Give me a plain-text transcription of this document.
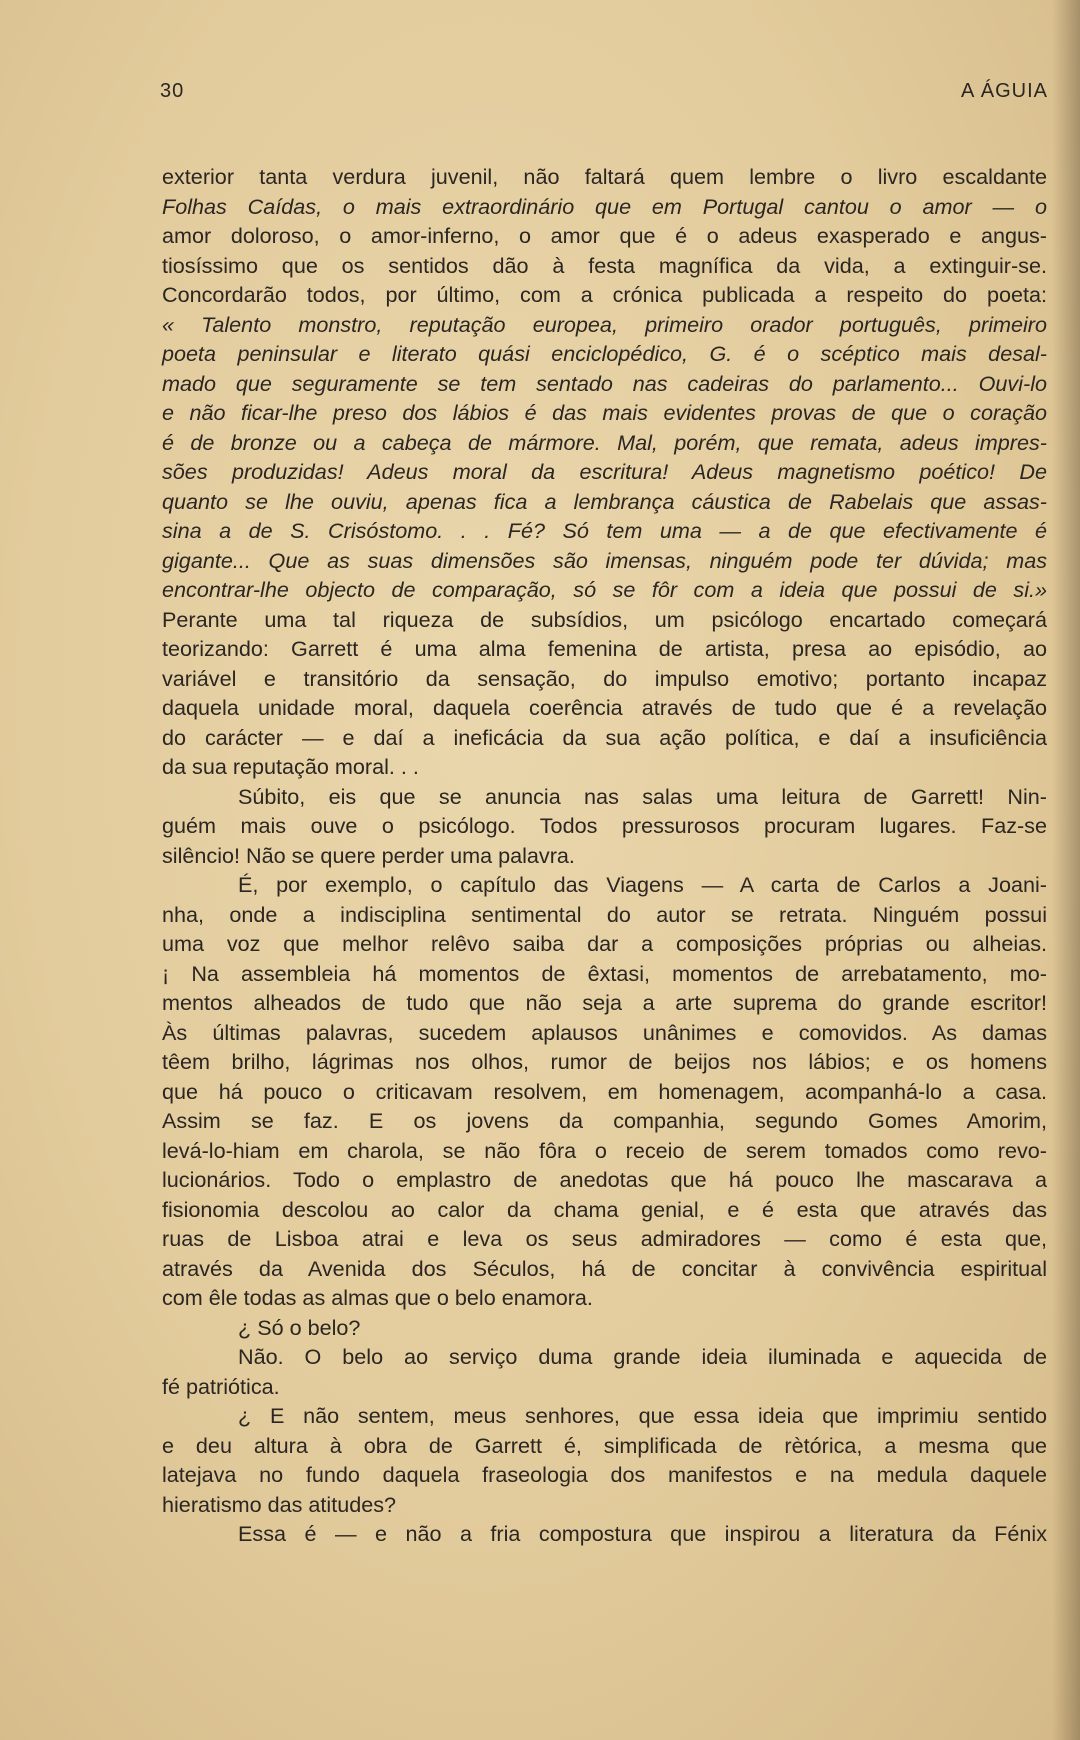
30	A ÁGUIA
exterior tanta verdura juvenil, não faltará quem lembre o livro escaldante
Folhas Caídas, o mais extraordinário que em Portugal cantou o amor — o
amor doloroso, o amor-inferno, o amor que é o adeus exasperado e angus-
tiosíssimo que os sentidos dão à festa magnífica da vida, a extinguir-se.
Concordarão todos, por último, com a crónica publicada a respeito do poeta:
« Talento monstro, reputação europea, primeiro orador português, primeiro
poeta peninsular e literato quási enciclopédico, G. é o scéptico mais desal-
mado que seguramente se tem sentado nas cadeiras do parlamento... Ouvi-lo
e não ficar-lhe preso dos lábios é das mais evidentes provas de que o coração
é de bronze ou a cabeça de mármore. Mal, porém, que remata, adeus impres-
sões produzidas! Adeus moral da escritura! Adeus magnetismo poético! De
quanto se lhe ouviu, apenas fica a lembrança cáustica de Rabelais que assas-
sina a de S. Crisóstomo. . . Fé? Só tem uma — a de que efectivamente é
gigante... Que as suas dimensões são imensas, ninguém pode ter dúvida; mas
encontrar-lhe objecto de comparação, só se fôr com a ideia que possui de si.»
Perante uma tal riqueza de subsídios, um psicólogo encartado começará
teorizando: Garrett é uma alma femenina de artista, presa ao episódio, ao
variável e transitório da sensação, do impulso emotivo; portanto incapaz
daquela unidade moral, daquela coerência através de tudo que é a revelação
do carácter — e daí a ineficácia da sua ação política, e daí a insuficiência
da sua reputação moral. . .
Súbito, eis que se anuncia nas salas uma leitura de Garrett! Nin-
guém mais ouve o psicólogo. Todos pressurosos procuram lugares. Faz-se
silêncio! Não se quere perder uma palavra.
É, por exemplo, o capítulo das Viagens — A carta de Carlos a Joani-
nha, onde a indisciplina sentimental do autor se retrata. Ninguém possui
uma voz que melhor relêvo saiba dar a composições próprias ou alheias.
¡ Na assembleia há momentos de êxtasi, momentos de arrebatamento, mo-
mentos alheados de tudo que não seja a arte suprema do grande escritor!
Às últimas palavras, sucedem aplausos unânimes e comovidos. As damas
têem brilho, lágrimas nos olhos, rumor de beijos nos lábios; e os homens
que há pouco o criticavam resolvem, em homenagem, acompanhá-lo a casa.
Assim se faz. E os jovens da companhia, segundo Gomes Amorim,
levá-lo-hiam em charola, se não fôra o receio de serem tomados como revo-
lucionários. Todo o emplastro de anedotas que há pouco lhe mascarava a
fisionomia descolou ao calor da chama genial, e é esta que através das
ruas de Lisboa atrai e leva os seus admiradores — como é esta que,
através da Avenida dos Séculos, há de concitar à convivência espiritual
com êle todas as almas que o belo enamora.
¿ Só o belo?
Não. O belo ao serviço duma grande ideia iluminada e aquecida de
fé patriótica.
¿ E não sentem, meus senhores, que essa ideia que imprimiu sentido
e deu altura à obra de Garrett é, simplificada de rètórica, a mesma que
latejava no fundo daquela fraseologia dos manifestos e na medula daquele
hieratismo das atitudes?
Essa é — e não a fria compostura que inspirou a literatura da Fénix
